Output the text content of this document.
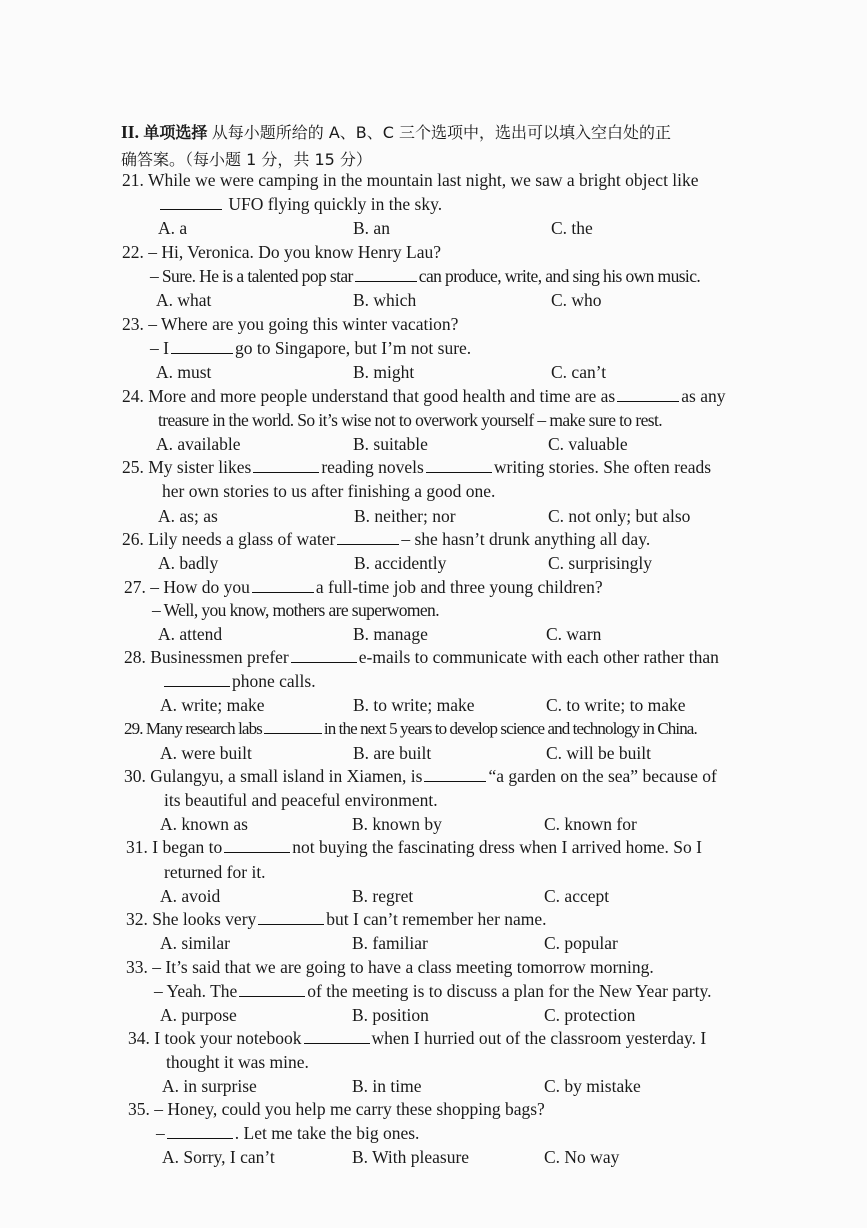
II. 单项选择 从每小题所给的 A、B、C 三个选项中，选出可以填入空白处的正
确答案。（每小题 1 分，共 15 分）
21. While we were camping in the mountain last night, we saw a bright object like
UFO flying quickly in the sky.
A. a	B. an	C. the
22. – Hi, Veronica. Do you know Henry Lau?
– Sure. He is a talented pop star	can produce, write, and sing his own music.
A. what	B. which	C. who
23. – Where are you going this winter vacation?
– I	go to Singapore, but I’m not sure.
A. must	B. might	C. can’t
24. More and more people understand that good health and time are as	as any
treasure in the world. So it’s wise not to overwork yourself – make sure to rest.
A. available	B. suitable	C. valuable
25. My sister likes	reading novels	writing stories. She often reads
her own stories to us after finishing a good one.
A. as; as	B. neither; nor	C. not only; but also
26. Lily needs a glass of water	– she hasn’t drunk anything all day.
A. badly	B. accidently	C. surprisingly
27. – How do you	a full-time job and three young children?
– Well, you know, mothers are superwomen.
A. attend	B. manage	C. warn
28. Businessmen prefer	e-mails to communicate with each other rather than
phone calls.
A. write; make	B. to write; make	C. to write; to make
29. Many research labs	in the next 5 years to develop science and technology in China.
A. were built	B. are built	C. will be built
30. Gulangyu, a small island in Xiamen, is	“a garden on the sea” because of
its beautiful and peaceful environment.
A. known as	B. known by	C. known for
31. I began to	not buying the fascinating dress when I arrived home. So I
returned for it.
A. avoid	B. regret	C. accept
32. She looks very	but I can’t remember her name.
A. similar	B. familiar	C. popular
33. – It’s said that we are going to have a class meeting tomorrow morning.
– Yeah. The	of the meeting is to discuss a plan for the New Year party.
A. purpose	B. position	C. protection
34. I took your notebook	when I hurried out of the classroom yesterday. I
thought it was mine.
A. in surprise	B. in time	C. by mistake
35. – Honey, could you help me carry these shopping bags?
–	. Let me take the big ones.
A. Sorry, I can’t	B. With pleasure	C. No way
